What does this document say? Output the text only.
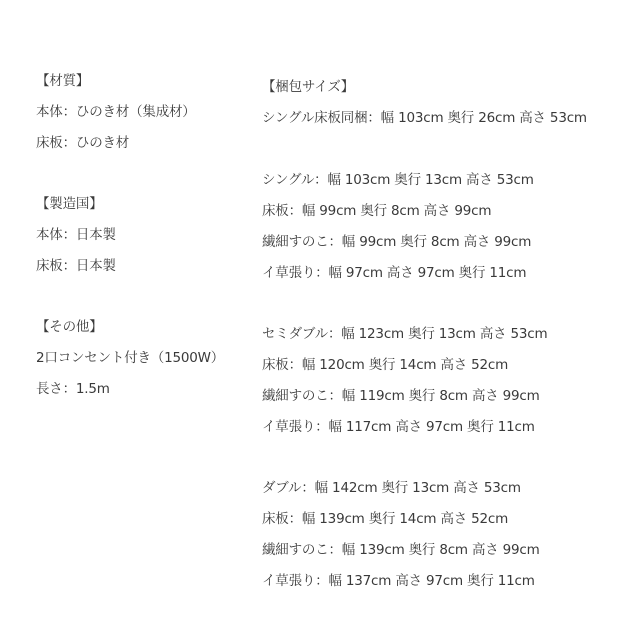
【材質】
本体：ひのき材（集成材）
床板：ひのき材
【製造国】
本体：日本製
床板：日本製
【その他】
2口コンセント付き（1500W）
長さ：1.5m
【梱包サイズ】
シングル床板同梱：幅 103cm 奥行 26cm 高さ 53cm
シングル：幅 103cm 奥行 13cm 高さ 53cm
床板：幅 99cm 奥行 8cm 高さ 99cm
繊細すのこ：幅 99cm 奥行 8cm 高さ 99cm
イ草張り：幅 97cm 高さ 97cm 奥行 11cm
セミダブル：幅 123cm 奥行 13cm 高さ 53cm
床板：幅 120cm 奥行 14cm 高さ 52cm
繊細すのこ：幅 119cm 奥行 8cm 高さ 99cm
イ草張り：幅 117cm 高さ 97cm 奥行 11cm
ダブル：幅 142cm 奥行 13cm 高さ 53cm
床板：幅 139cm 奥行 14cm 高さ 52cm
繊細すのこ：幅 139cm 奥行 8cm 高さ 99cm
イ草張り：幅 137cm 高さ 97cm 奥行 11cm
